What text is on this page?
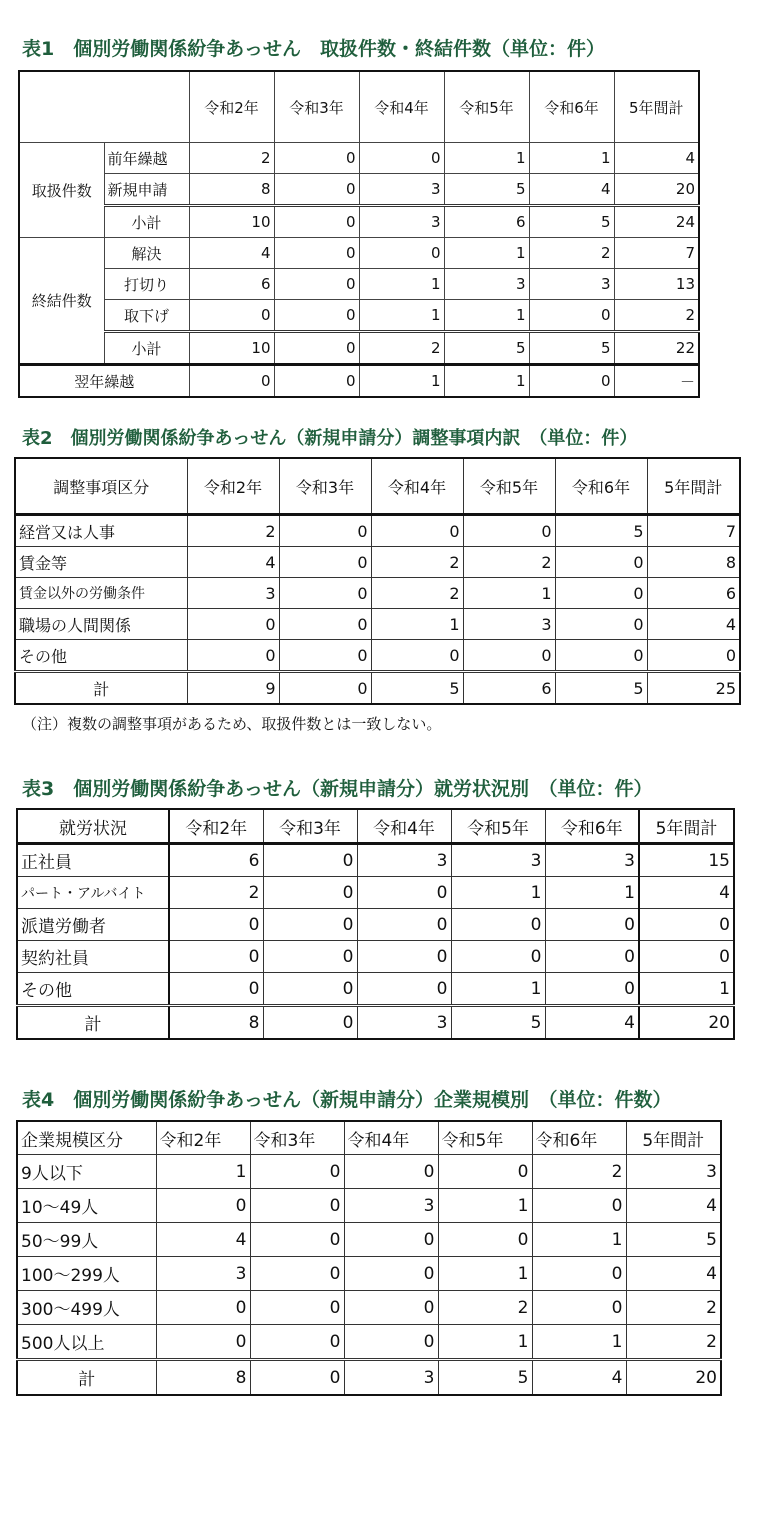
表1　個別労働関係紛争あっせん　取扱件数・終結件数（単位：件）
		令和2年	令和3年	令和4年	令和5年	令和6年	5年間計
取扱件数	前年繰越	2	0	0	1	1	4
	新規申請	8	0	3	5	4	20
	小計	10	0	3	6	5	24
終結件数	解決	4	0	0	1	2	7
	打切り	6	0	1	3	3	13
	取下げ	0	0	1	1	0	2
	小計	10	0	2	5	5	22
翌年繰越		0	0	1	1	0	－
表2　個別労働関係紛争あっせん（新規申請分）調整事項内訳　（単位：件）
調整事項区分	令和2年	令和3年	令和4年	令和5年	令和6年	5年間計
経営又は人事	2	0	0	0	5	7
賃金等	4	0	2	2	0	8
賃金以外の労働条件	3	0	2	1	0	6
職場の人間関係	0	0	1	3	0	4
その他	0	0	0	0	0	0
計	9	0	5	6	5	25

（注）複数の調整事項があるため、取扱件数とは一致しない。

表3　個別労働関係紛争あっせん（新規申請分）就労状況別　（単位：件）
就労状況	令和2年	令和3年	令和4年	令和5年	令和6年	5年間計
正社員	6	0	3	3	3	15
パート・アルバイト	2	0	0	1	1	4
派遣労働者	0	0	0	0	0	0
契約社員	0	0	0	0	0	0
その他	0	0	0	1	0	1
計	8	0	3	5	4	20
表4　個別労働関係紛争あっせん（新規申請分）企業規模別　（単位：件数）
企業規模区分	令和2年	令和3年	令和4年	令和5年	令和6年	5年間計
9人以下	1	0	0	0	2	3
10～49人	0	0	3	1	0	4
50～99人	4	0	0	0	1	5
100～299人	3	0	0	1	0	4
300～499人	0	0	0	2	0	2
500人以上	0	0	0	1	1	2
計	8	0	3	5	4	20
